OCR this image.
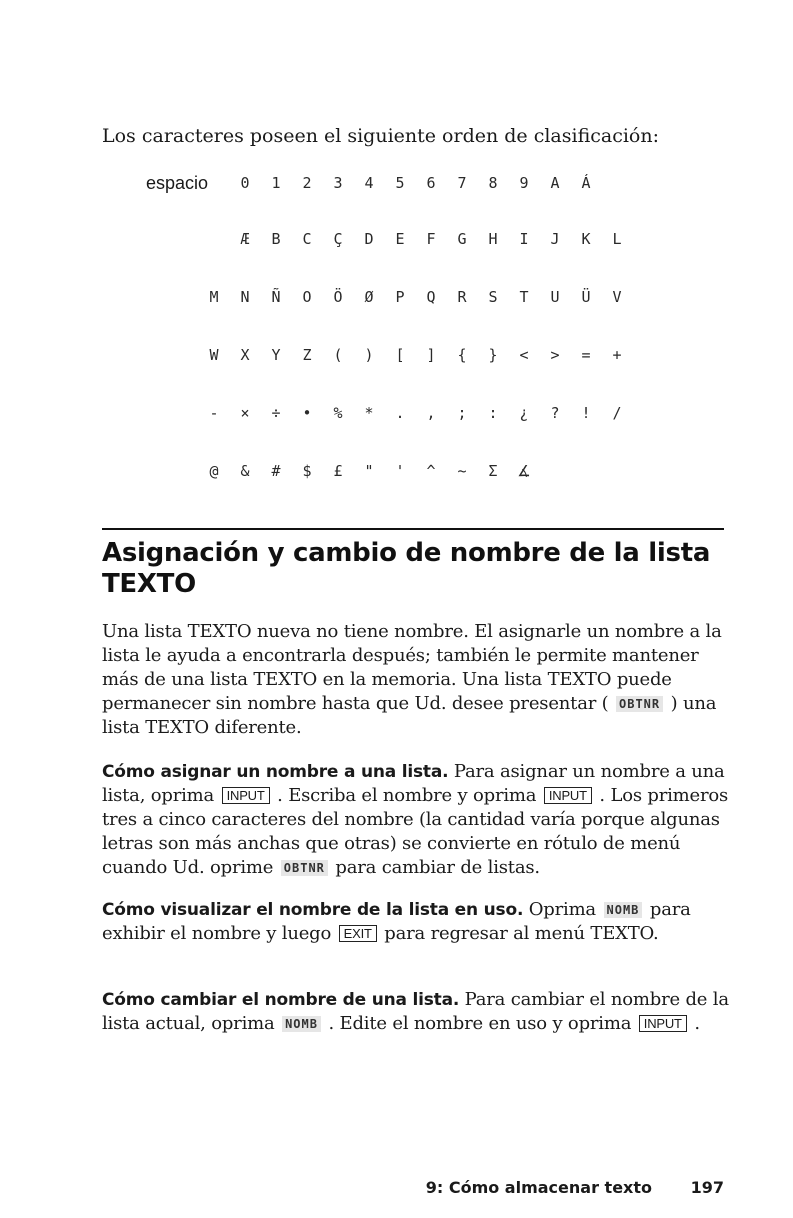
Los caracteres poseen el siguiente orden de clasificación:
espacio	0	1	2	3	4	5	6	7	8	9	A	Á
Æ	B	C	Ç	D	E	F	G	H	I	J	K	L
M	N	Ñ	O	Ö	Ø	P	Q	R	S	T	U	Ü	V
W	X	Y	Z	(	)	[	]	{	}	<	>	=	+
-	×	÷	•	%	*	.	,	;	:	¿	?	!	/
@	&	#	$	£	"	'	^	~	Σ	∡
Asignación y cambio de nombre de la lista TEXTO

Una lista TEXTO nueva no tiene nombre. El asignarle un nombre a la lista le ayuda a encontrarla después; también le permite mantener más de una lista TEXTO en la memoria. Una lista TEXTO puede permanecer sin nombre hasta que Ud. desee presentar ( OBTNR ) una lista TEXTO diferente.

Cómo asignar un nombre a una lista. Para asignar un nombre a una lista, oprima INPUT . Escriba el nombre y oprima INPUT . Los primeros tres a cinco caracteres del nombre (la cantidad varía porque algunas letras son más anchas que otras) se convierte en rótulo de menú cuando Ud. oprime OBTNR para cambiar de listas.

Cómo visualizar el nombre de la lista en uso. Oprima NOMB para exhibir el nombre y luego EXIT para regresar al menú TEXTO.

Cómo cambiar el nombre de una lista. Para cambiar el nombre de la lista actual, oprima NOMB . Edite el nombre en uso y oprima INPUT .

9: Cómo almacenar texto 197
